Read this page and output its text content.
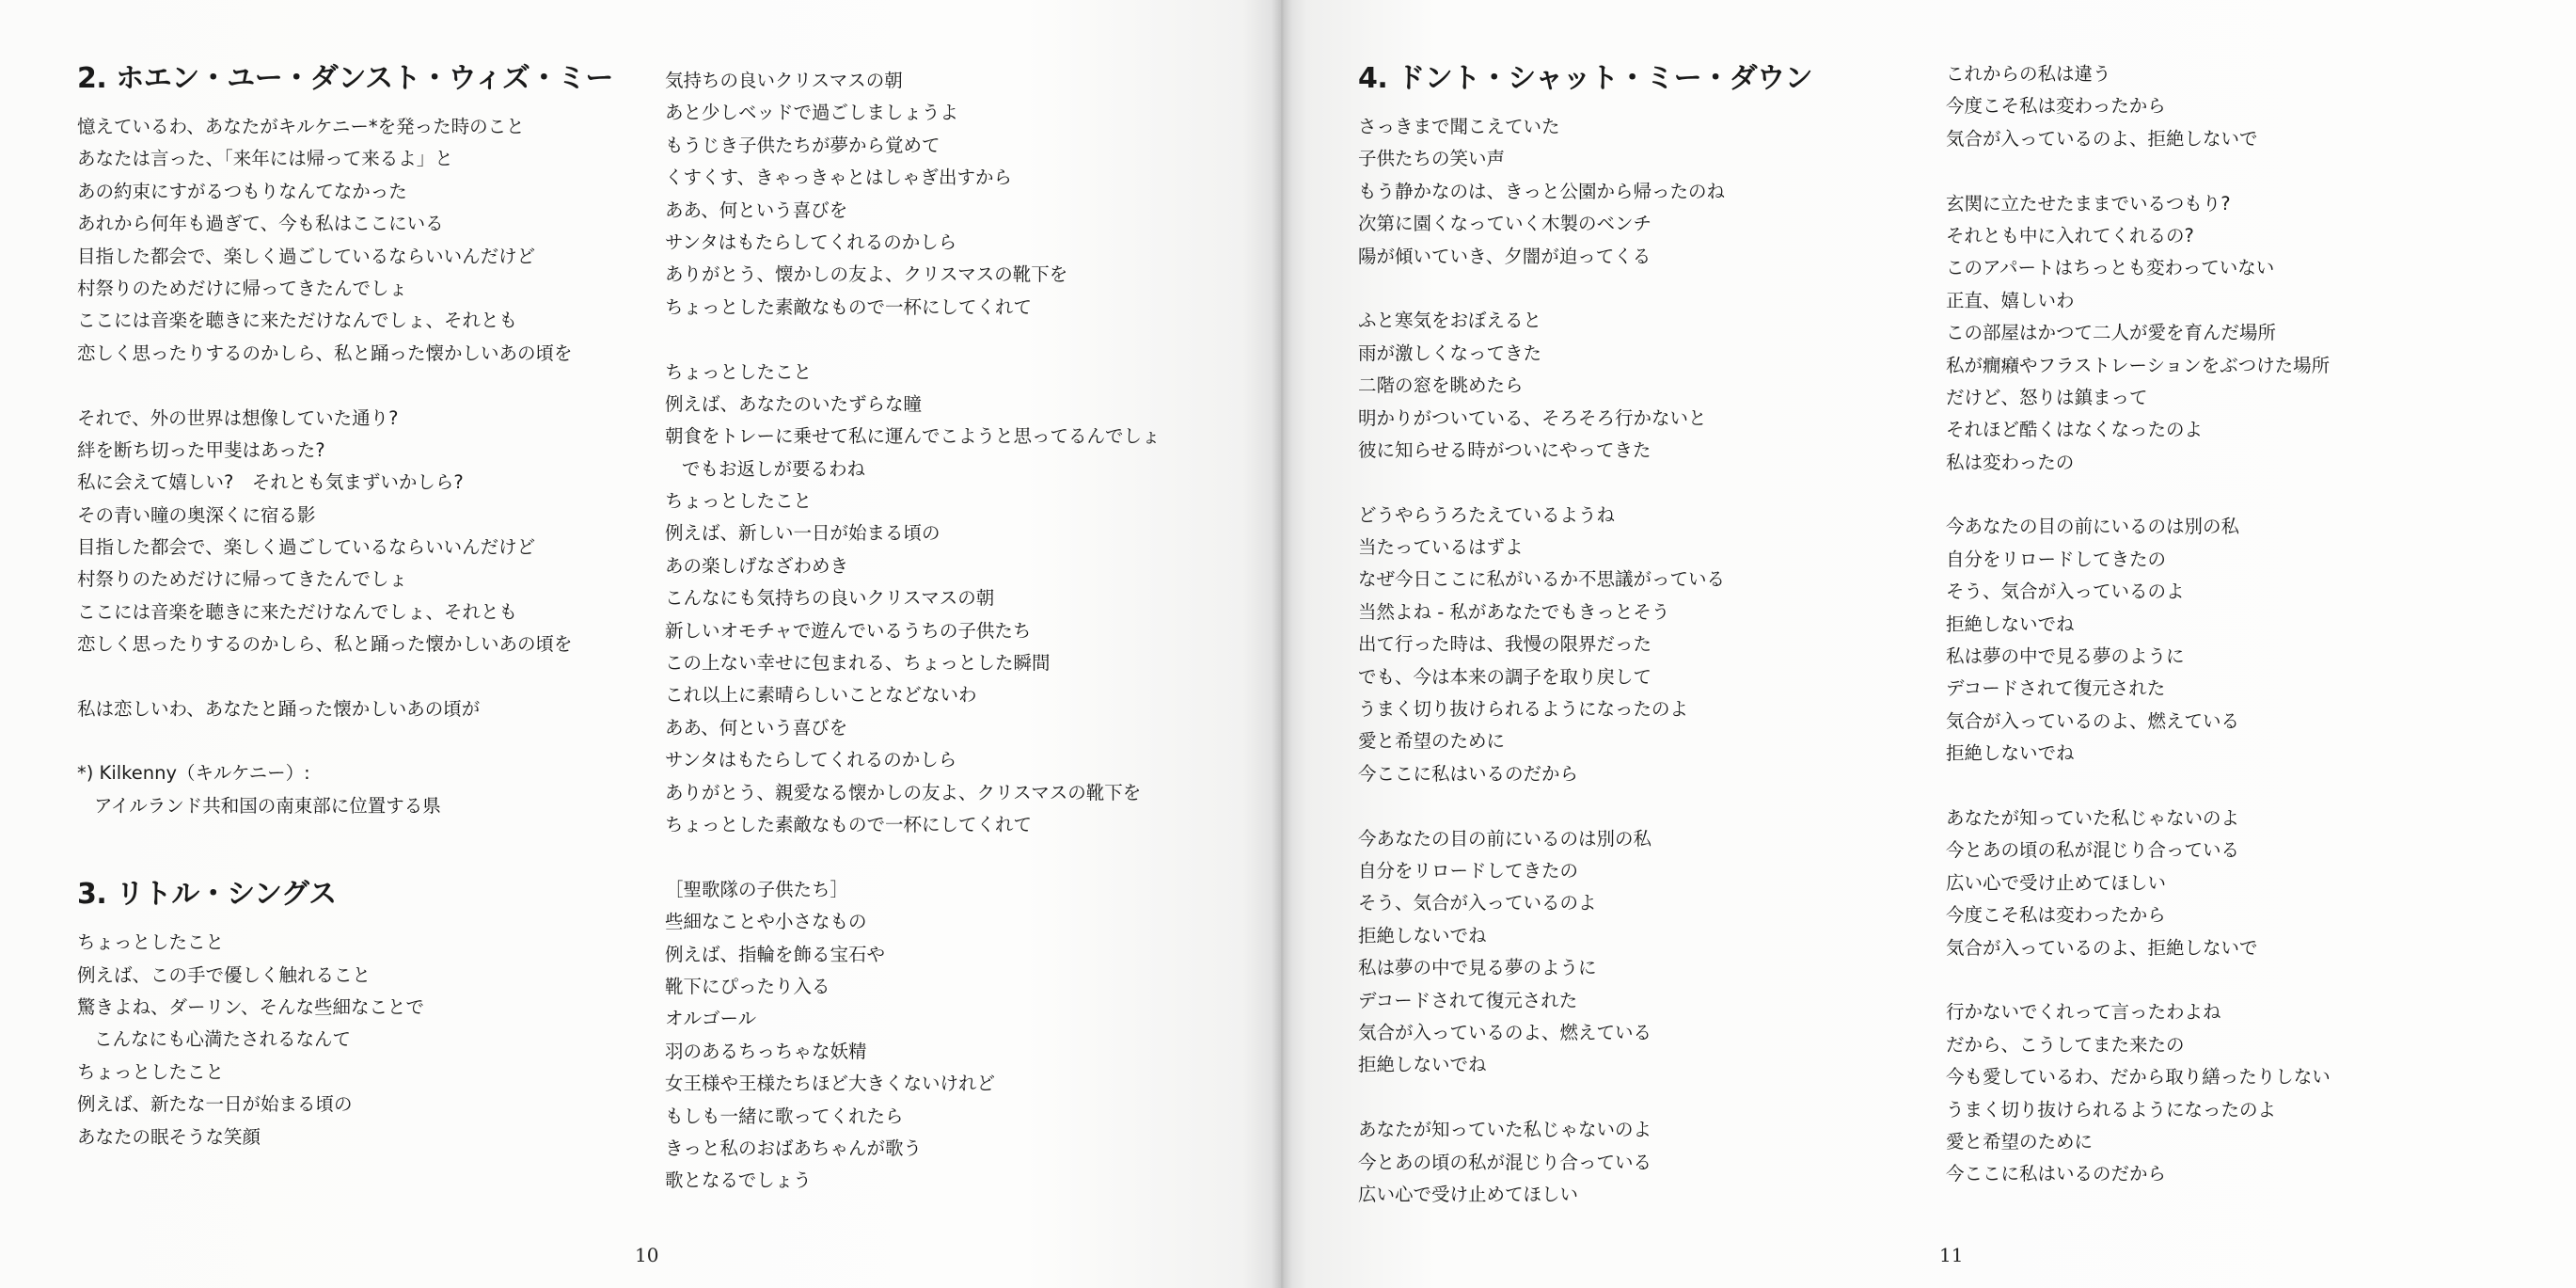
2. ホエン・ユー・ダンスト・ウィズ・ミー
憶えているわ、あなたがキルケニー*を発った時のこと
あなたは言った、「来年には帰って来るよ」と
あの約束にすがるつもりなんてなかった
あれから何年も過ぎて、今も私はここにいる
目指した都会で、楽しく過ごしているならいいんだけど
村祭りのためだけに帰ってきたんでしょ
ここには音楽を聴きに来ただけなんでしょ、それとも
恋しく思ったりするのかしら、私と踊った懐かしいあの頃を
それで、外の世界は想像していた通り?
絆を断ち切った甲斐はあった?
私に会えて嬉しい?　それとも気まずいかしら?
その青い瞳の奥深くに宿る影
目指した都会で、楽しく過ごしているならいいんだけど
村祭りのためだけに帰ってきたんでしょ
ここには音楽を聴きに来ただけなんでしょ、それとも
恋しく思ったりするのかしら、私と踊った懐かしいあの頃を
私は恋しいわ、あなたと踊った懐かしいあの頃が
*) Kilkenny（キルケニー）:
アイルランド共和国の南東部に位置する県
3. リトル・シングス
ちょっとしたこと
例えば、この手で優しく触れること
驚きよね、ダーリン、そんな些細なことで
こんなにも心満たされるなんて
ちょっとしたこと
例えば、新たな一日が始まる頃の
あなたの眠そうな笑顔
気持ちの良いクリスマスの朝
あと少しベッドで過ごしましょうよ
もうじき子供たちが夢から覚めて
くすくす、きゃっきゃとはしゃぎ出すから
ああ、何という喜びを
サンタはもたらしてくれるのかしら
ありがとう、懐かしの友よ、クリスマスの靴下を
ちょっとした素敵なもので一杯にしてくれて
ちょっとしたこと
例えば、あなたのいたずらな瞳
朝食をトレーに乗せて私に運んでこようと思ってるんでしょ
でもお返しが要るわね
ちょっとしたこと
例えば、新しい一日が始まる頃の
あの楽しげなざわめき
こんなにも気持ちの良いクリスマスの朝
新しいオモチャで遊んでいるうちの子供たち
この上ない幸せに包まれる、ちょっとした瞬間
これ以上に素晴らしいことなどないわ
ああ、何という喜びを
サンタはもたらしてくれるのかしら
ありがとう、親愛なる懐かしの友よ、クリスマスの靴下を
ちょっとした素敵なもので一杯にしてくれて
［聖歌隊の子供たち］
些細なことや小さなもの
例えば、指輪を飾る宝石や
靴下にぴったり入る
オルゴール
羽のあるちっちゃな妖精
女王様や王様たちほど大きくないけれど
もしも一緒に歌ってくれたら
きっと私のおばあちゃんが歌う
歌となるでしょう
10
4. ドント・シャット・ミー・ダウン
さっきまで聞こえていた
子供たちの笑い声
もう静かなのは、きっと公園から帰ったのね
次第に園くなっていく木製のベンチ
陽が傾いていき、夕闇が迫ってくる
ふと寒気をおぼえると
雨が激しくなってきた
二階の窓を眺めたら
明かりがついている、そろそろ行かないと
彼に知らせる時がついにやってきた
どうやらうろたえているようね
当たっているはずよ
なぜ今日ここに私がいるか不思議がっている
当然よね - 私があなたでもきっとそう
出て行った時は、我慢の限界だった
でも、今は本来の調子を取り戻して
うまく切り抜けられるようになったのよ
愛と希望のために
今ここに私はいるのだから
今あなたの目の前にいるのは別の私
自分をリロードしてきたの
そう、気合が入っているのよ
拒絶しないでね
私は夢の中で見る夢のように
デコードされて復元された
気合が入っているのよ、燃えている
拒絶しないでね
あなたが知っていた私じゃないのよ
今とあの頃の私が混じり合っている
広い心で受け止めてほしい
これからの私は違う
今度こそ私は変わったから
気合が入っているのよ、拒絶しないで
玄関に立たせたままでいるつもり?
それとも中に入れてくれるの?
このアパートはちっとも変わっていない
正直、嬉しいわ
この部屋はかつて二人が愛を育んだ場所
私が癇癪やフラストレーションをぶつけた場所
だけど、怒りは鎮まって
それほど酷くはなくなったのよ
私は変わったの
今あなたの目の前にいるのは別の私
自分をリロードしてきたの
そう、気合が入っているのよ
拒絶しないでね
私は夢の中で見る夢のように
デコードされて復元された
気合が入っているのよ、燃えている
拒絶しないでね
あなたが知っていた私じゃないのよ
今とあの頃の私が混じり合っている
広い心で受け止めてほしい
今度こそ私は変わったから
気合が入っているのよ、拒絶しないで
行かないでくれって言ったわよね
だから、こうしてまた来たの
今も愛しているわ、だから取り繕ったりしない
うまく切り抜けられるようになったのよ
愛と希望のために
今ここに私はいるのだから
11
